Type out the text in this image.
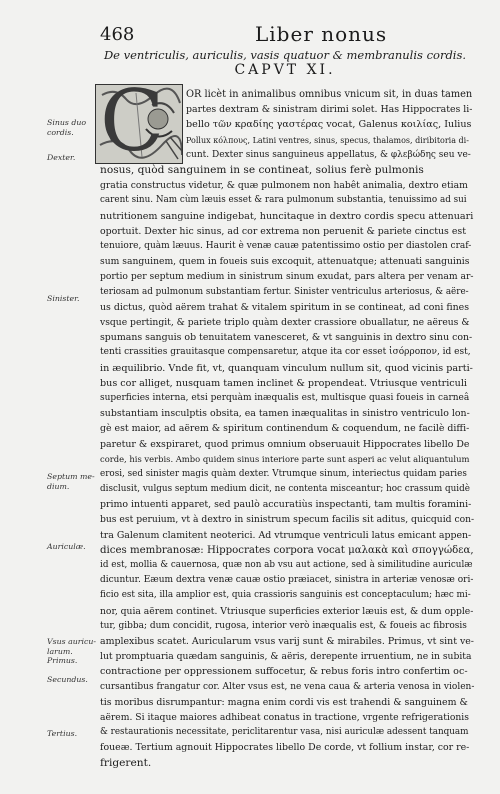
468	Liber nonus
De ventriculis, auriculis, vasis quatuor & membranulis cordis.
CAPVT XI.
C OR licèt in animalibus omnibus vnicum sit, in duas tamen
partes dextram & sinistram dirimi solet. Has Hippocrates li-
bello τῶν κραδίης γαστέρας vocat, Galenus κοιλίας, Iulius
Pollux κόλπους, Latini ventres, sinus, specus, thalamos, diribitoria di-
cunt. Dexter sinus sanguineus appellatus, & φλεβώδης seu ve-
nosus, quòd sanguinem in se contineat, solius ferè pulmonis
gratia constructus videtur, & quæ pulmonem non habêt animalia, dextro etiam
carent sinu. Nam cùm læuis esset & rara pulmonum substantia, tenuissimo ad sui
nutritionem sanguine indigebat, huncitaque in dextro cordis specu attenuari
oportuit. Dexter hic sinus, ad cor extrema non peruenit & pariete cinctus est
tenuiore, quàm læuus. Haurit è venæ cauæ patentissimo ostio per diastolen craf-
sum sanguinem, quem in foueis suis excoquit, attenuatque; attenuati sanguinis
portio per septum medium in sinistrum sinum exudat, pars altera per venam ar-
teriosam ad pulmonum substantiam fertur. Sinister ventriculus arteriosus, & aëre-
us dictus, quòd aërem trahat & vitalem spiritum in se contineat, ad coni fines
vsque pertingit, & pariete triplo quàm dexter crassiore obuallatur, ne aëreus &
spumans sanguis ob tenuitatem vanesceret, & vt sanguinis in dextro sinu con-
tenti crassities grauitasque compensaretur, atque ita cor esset ἰσόρροπον, id est,
in æquilibrio. Vnde fit, vt, quanquam vinculum nullum sit, quod vicinis parti-
bus cor alliget, nusquam tamen inclinet & propendeat. Vtriusque ventriculi
superficies interna, etsi perquàm inæqualis est, multisque quasi foueis in carneâ
substantiam insculptis obsita, ea tamen inæqualitas in sinistro ventriculo lon-
gè est maior, ad aërem & spiritum continendum & coquendum, ne facilè diffi-
paretur & exspiraret, quod primus omnium obseruauit Hippocrates libello De
corde, his verbis. Ambo quidem sinus interiore parte sunt asperi ac velut aliquantulum
erosi, sed sinister magis quàm dexter. Vtrumque sinum, interiectus quidam paries
disclusit, vulgus septum medium dicit, ne contenta misceantur; hoc crassum quidè
primo intuenti apparet, sed paulò accuratiùs inspectanti, tam multis foramini-
bus est peruium, vt à dextro in sinistrum specum facilis sit aditus, quicquid con-
tra Galenum clamitent neoterici. Ad vtrumque ventriculi latus emicant appen-
dices membranosæ: Hippocrates corpora vocat μαλακὰ καὶ σπογγώδεα,
id est, mollia & cauernosa, quæ non ab vsu aut actione, sed à similitudine auriculæ
dicuntur. Eæum dextra venæ cauæ ostio præiacet, sinistra in arteriæ venosæ ori-
ficio est sita, illa amplior est, quia crassioris sanguinis est conceptaculum; hæc mi-
nor, quia aërem continet. Vtriusque superficies exterior læuis est, & dum opple-
tur, gibba; dum concidit, rugosa, interior verò inæqualis est, & foueis ac fibrosis
amplexibus scatet. Auricularum vsus varij sunt & mirabiles. Primus, vt sint ve-
lut promptuaria quædam sanguinis, & aëris, derepente irruentium, ne in subita
contractione per oppressionem suffocetur, & rebus foris intro confertim oc-
cursantibus frangatur cor. Alter vsus est, ne vena caua & arteria venosa in violen-
tis moribus disrumpantur: magna enim cordi vis est trahendi & sanguinem &
aërem. Si itaque maiores adhibeat conatus in tractione, vrgente refrigerationis
& restaurationis necessitate, periclitarentur vasa, nisi auriculæ adessent tanquam
foueæ. Tertium agnouit Hippocrates libello De corde, vt follium instar, cor re-
frigerent.
Sinus duo
cordis.
Dexter.
Sinister.
Septum me-
dium.
Auriculæ.
Vsus auricu-
larum.
Primus.
Secundus.
Tertius.
